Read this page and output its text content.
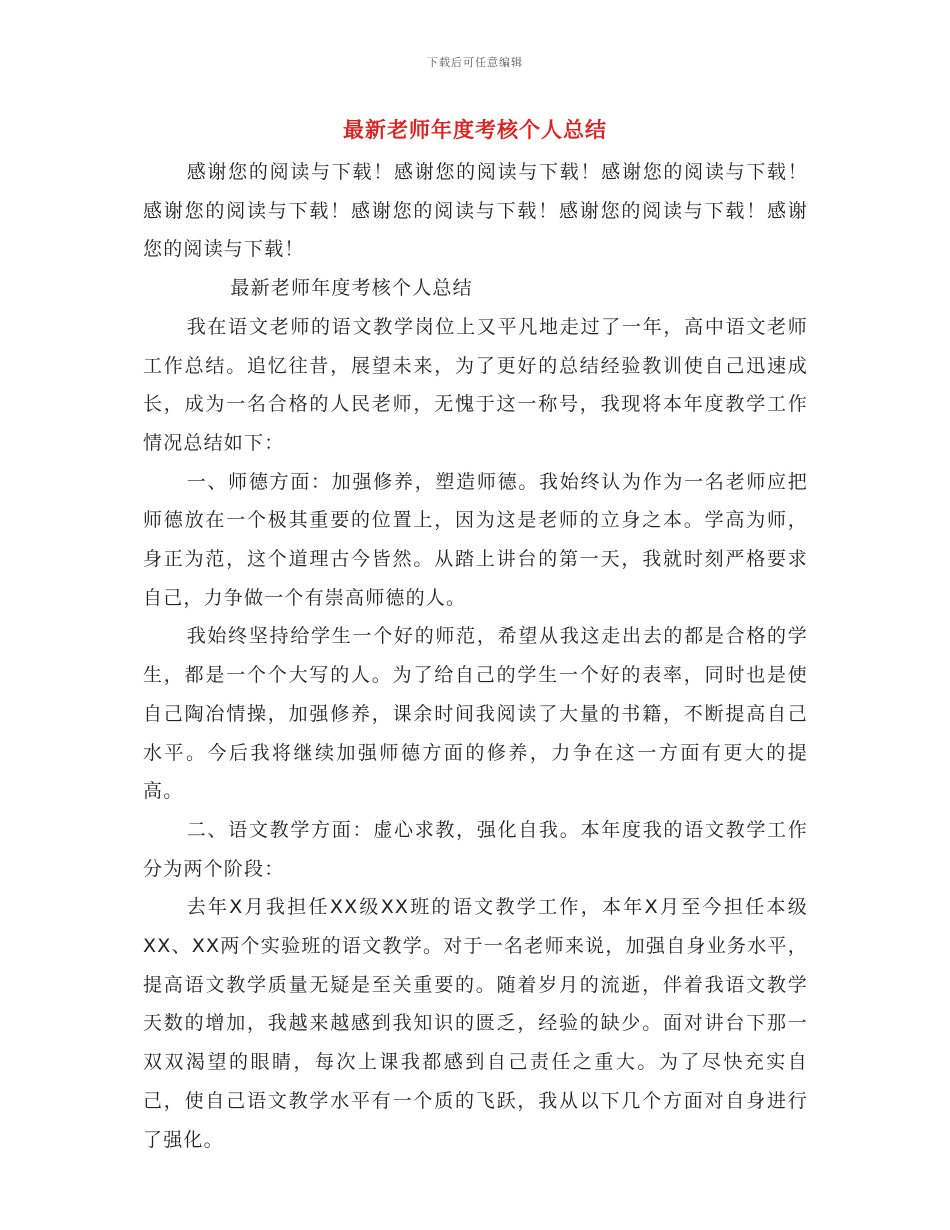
下载后可任意编辑
最新老师年度考核个人总结

感谢您的阅读与下载！感谢您的阅读与下载！感谢您的阅读与下载！感谢您的阅读与下载！感谢您的阅读与下载！感谢您的阅读与下载！感谢您的阅读与下载！

最新老师年度考核个人总结

我在语文老师的语文教学岗位上又平凡地走过了一年，高中语文老师工作总结。追忆往昔，展望未来，为了更好的总结经验教训使自己迅速成长，成为一名合格的人民老师，无愧于这一称号，我现将本年度教学工作情况总结如下：

一、师德方面：加强修养，塑造师德。我始终认为作为一名老师应把师德放在一个极其重要的位置上，因为这是老师的立身之本。学高为师，身正为范，这个道理古今皆然。从踏上讲台的第一天，我就时刻严格要求自己，力争做一个有崇高师德的人。

我始终坚持给学生一个好的师范，希望从我这走出去的都是合格的学生，都是一个个大写的人。为了给自己的学生一个好的表率，同时也是使自己陶冶情操，加强修养，课余时间我阅读了大量的书籍，不断提高自己水平。今后我将继续加强师德方面的修养，力争在这一方面有更大的提高。

二、语文教学方面：虚心求教，强化自我。本年度我的语文教学工作分为两个阶段：

去年X月我担任XX级XX班的语文教学工作，本年X月至今担任本级XX、XX两个实验班的语文教学。对于一名老师来说，加强自身业务水平，提高语文教学质量无疑是至关重要的。随着岁月的流逝，伴着我语文教学天数的增加，我越来越感到我知识的匮乏，经验的缺少。面对讲台下那一双双渴望的眼睛，每次上课我都感到自己责任之重大。为了尽快充实自己，使自己语文教学水平有一个质的飞跃，我从以下几个方面对自身进行了强化。
